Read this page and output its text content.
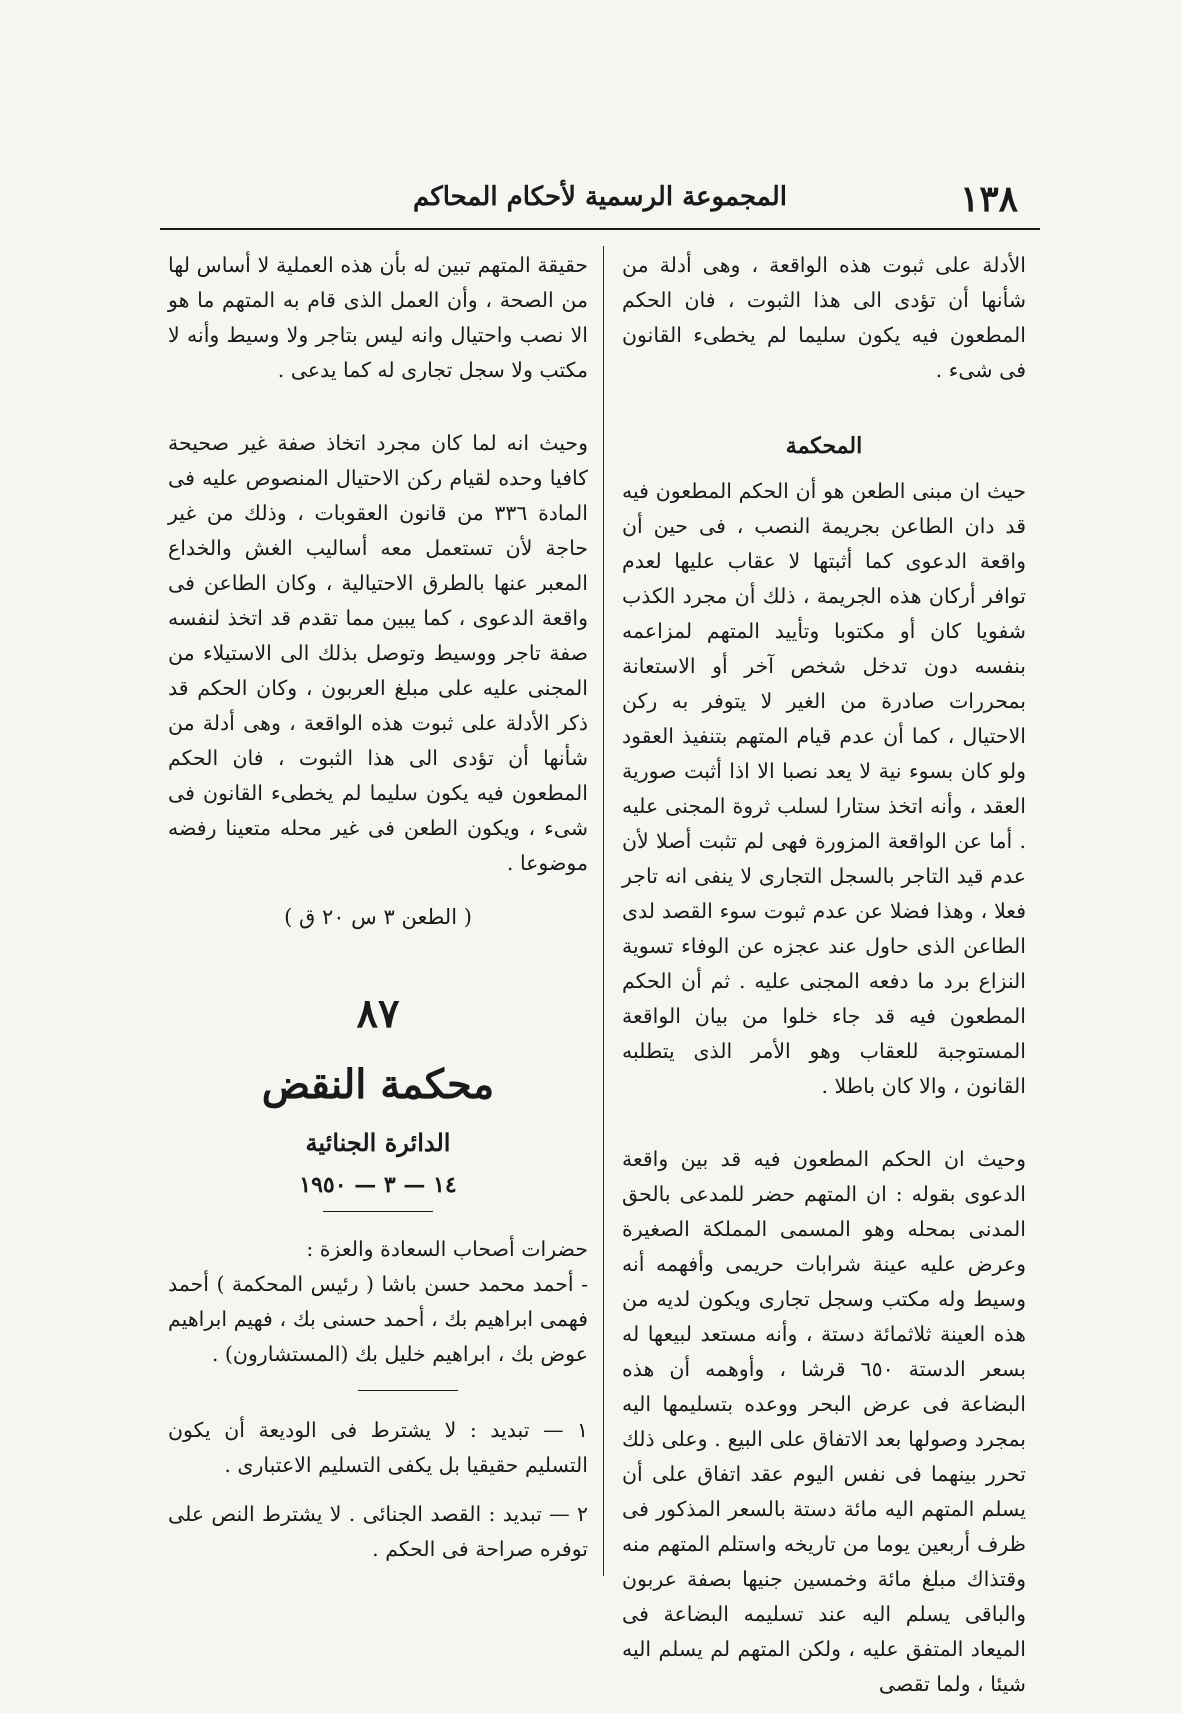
١٣٨
المجموعة الرسمية لأحكام المحاكم

الأدلة على ثبوت هذه الواقعة ، وهى أدلة من شأنها أن تؤدى الى هذا الثبوت ، فان الحكم المطعون فيه يكون سليما لم يخطىء القانون فى شىء .

المحكمة

حيث ان مبنى الطعن هو أن الحكم المطعون فيه قد دان الطاعن بجريمة النصب ، فى حين أن واقعة الدعوى كما أثبتها لا عقاب عليها لعدم توافر أركان هذه الجريمة ، ذلك أن مجرد الكذب شفويا كان أو مكتوبا وتأييد المتهم لمزاعمه بنفسه دون تدخل شخص آخر أو الاستعانة بمحررات صادرة من الغير لا يتوفر به ركن الاحتيال ، كما أن عدم قيام المتهم بتنفيذ العقود ولو كان بسوء نية لا يعد نصبا الا اذا أثبت صورية العقد ، وأنه اتخذ ستارا لسلب ثروة المجنى عليه . أما عن الواقعة المزورة فهى لم تثبت أصلا لأن عدم قيد التاجر بالسجل التجارى لا ينفى انه تاجر فعلا ، وهذا فضلا عن عدم ثبوت سوء القصد لدى الطاعن الذى حاول عند عجزه عن الوفاء تسوية النزاع برد ما دفعه المجنى عليه . ثم أن الحكم المطعون فيه قد جاء خلوا من بيان الواقعة المستوجبة للعقاب وهو الأمر الذى يتطلبه القانون ، والا كان باطلا .

وحيث ان الحكم المطعون فيه قد بين واقعة الدعوى بقوله : ان المتهم حضر للمدعى بالحق المدنى بمحله وهو المسمى المملكة الصغيرة وعرض عليه عينة شرابات حريمى وأفهمه أنه وسيط وله مكتب وسجل تجارى ويكون لديه من هذه العينة ثلاثمائة دستة ، وأنه مستعد لبيعها له بسعر الدستة ٦٥٠ قرشا ، وأوهمه أن هذه البضاعة فى عرض البحر ووعده بتسليمها اليه بمجرد وصولها بعد الاتفاق على البيع . وعلى ذلك تحرر بينهما فى نفس اليوم عقد اتفاق على أن يسلم المتهم اليه مائة دستة بالسعر المذكور فى ظرف أربعين يوما من تاريخه واستلم المتهم منه وقتذاك مبلغ مائة وخمسين جنيها بصفة عربون والباقى يسلم اليه عند تسليمه البضاعة فى الميعاد المتفق عليه ، ولكن المتهم لم يسلم اليه شيئا ، ولما تقصى

حقيقة المتهم تبين له بأن هذه العملية لا أساس لها من الصحة ، وأن العمل الذى قام به المتهم ما هو الا نصب واحتيال وانه ليس بتاجر ولا وسيط وأنه لا مكتب ولا سجل تجارى له كما يدعى .

وحيث انه لما كان مجرد اتخاذ صفة غير صحيحة كافيا وحده لقيام ركن الاحتيال المنصوص عليه فى المادة ٣٣٦ من قانون العقوبات ، وذلك من غير حاجة لأن تستعمل معه أساليب الغش والخداع المعبر عنها بالطرق الاحتيالية ، وكان الطاعن فى واقعة الدعوى ، كما يبين مما تقدم قد اتخذ لنفسه صفة تاجر ووسيط وتوصل بذلك الى الاستيلاء من المجنى عليه على مبلغ العربون ، وكان الحكم قد ذكر الأدلة على ثبوت هذه الواقعة ، وهى أدلة من شأنها أن تؤدى الى هذا الثبوت ، فان الحكم المطعون فيه يكون سليما لم يخطىء القانون فى شىء ، ويكون الطعن فى غير محله متعينا رفضه موضوعا .

( الطعن ٣ س ٢٠ ق )

٨٧

محكمة النقض

الدائرة الجنائية

١٤ — ٣ — ١٩٥٠

حضرات أصحاب السعادة والعزة :

- أحمد محمد حسن باشا ( رئيس المحكمة ) أحمد فهمى ابراهيم بك ، أحمد حسنى بك ، فهيم ابراهيم عوض بك ، ابراهيم خليل بك (المستشارون) .

١ — تبديد : لا يشترط فى الوديعة أن يكون التسليم حقيقيا بل يكفى التسليم الاعتبارى .

٢ — تبديد : القصد الجنائى . لا يشترط النص على توفره صراحة فى الحكم .
